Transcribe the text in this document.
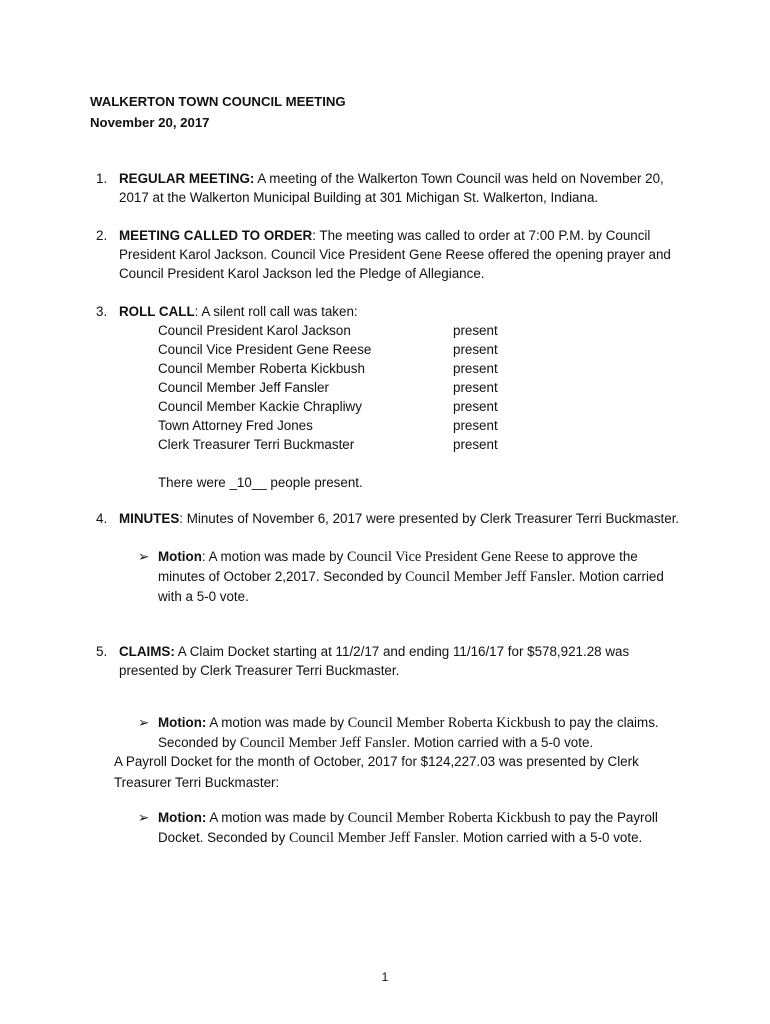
WALKERTON TOWN COUNCIL MEETING
November 20, 2017
1. REGULAR MEETING: A meeting of the Walkerton Town Council was held on November 20, 2017 at the Walkerton Municipal Building at 301 Michigan St. Walkerton, Indiana.
2. MEETING CALLED TO ORDER: The meeting was called to order at 7:00 P.M. by Council President Karol Jackson. Council Vice President Gene Reese offered the opening prayer and Council President Karol Jackson led the Pledge of Allegiance.
3. ROLL CALL: A silent roll call was taken:
Council President Karol Jackson	present
Council Vice President Gene Reese	present
Council Member Roberta Kickbush	present
Council Member Jeff Fansler	present
Council Member Kackie Chrapliwy	present
Town Attorney Fred Jones	present
Clerk Treasurer Terri Buckmaster	present
There were _10__ people present.
4. MINUTES: Minutes of November 6, 2017 were presented by Clerk Treasurer Terri Buckmaster.
➢ Motion: A motion was made by Council Vice President Gene Reese to approve the minutes of October 2,2017. Seconded by Council Member Jeff Fansler. Motion carried with a 5-0 vote.
5. CLAIMS: A Claim Docket starting at 11/2/17 and ending 11/16/17 for $578,921.28 was presented by Clerk Treasurer Terri Buckmaster.
➢ Motion: A motion was made by Council Member Roberta Kickbush to pay the claims. Seconded by Council Member Jeff Fansler. Motion carried with a 5-0 vote.
A Payroll Docket for the month of October, 2017 for $124,227.03 was presented by Clerk
Treasurer Terri Buckmaster:
➢ Motion: A motion was made by Council Member Roberta Kickbush to pay the Payroll Docket. Seconded by Council Member Jeff Fansler. Motion carried with a 5-0 vote.
1
